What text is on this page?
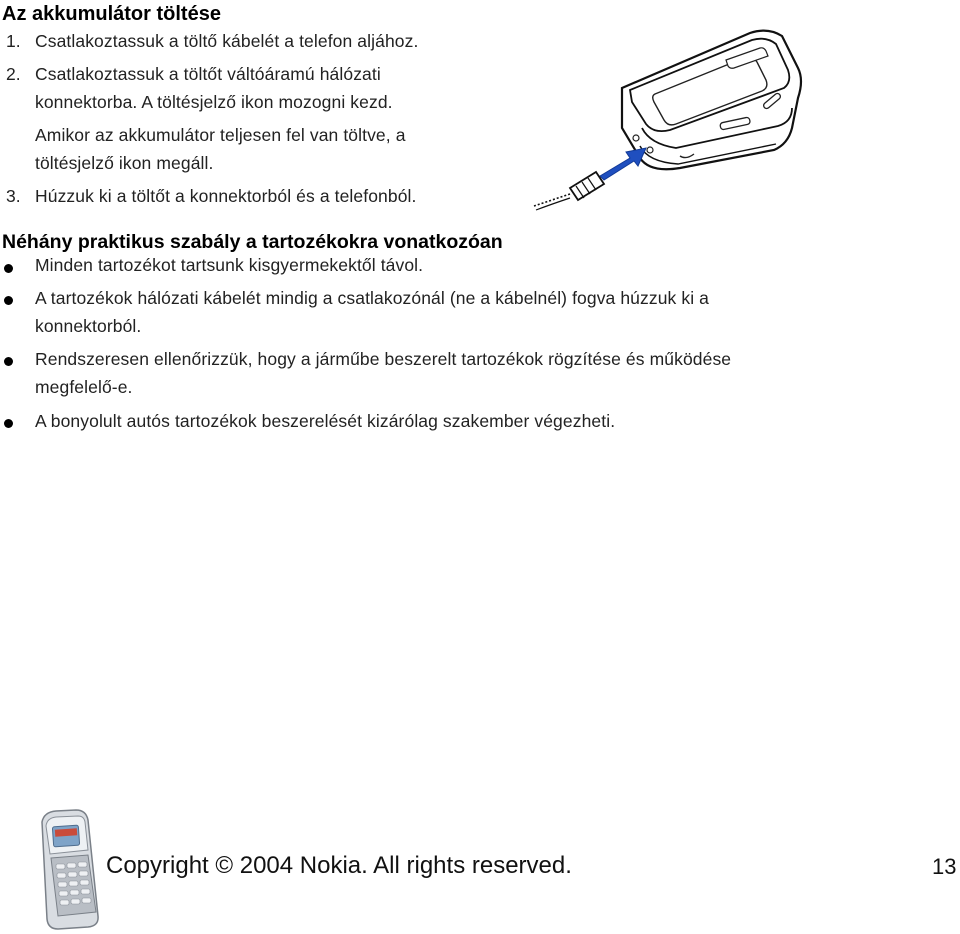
Az akkumulátor töltése
1. Csatlakoztassuk a töltő kábelét a telefon aljához.
2. Csatlakoztassuk a töltőt váltóáramú hálózati
konnektorba. A töltésjelző ikon mozogni kezd.
Amikor az akkumulátor teljesen fel van töltve, a
töltésjelző ikon megáll.
3. Húzzuk ki a töltőt a konnektorból és a telefonból.
Néhány praktikus szabály a tartozékokra vonatkozóan
Minden tartozékot tartsunk kisgyermekektől távol.
A tartozékok hálózati kábelét mindig a csatlakozónál (ne a kábelnél) fogva húzzuk ki a
konnektorból.
Rendszeresen ellenőrizzük, hogy a járműbe beszerelt tartozékok rögzítése és működése
megfelelő-e.
A bonyolult autós tartozékok beszerelését kizárólag szakember végezheti.
Copyright © 2004 Nokia. All rights reserved.	13
